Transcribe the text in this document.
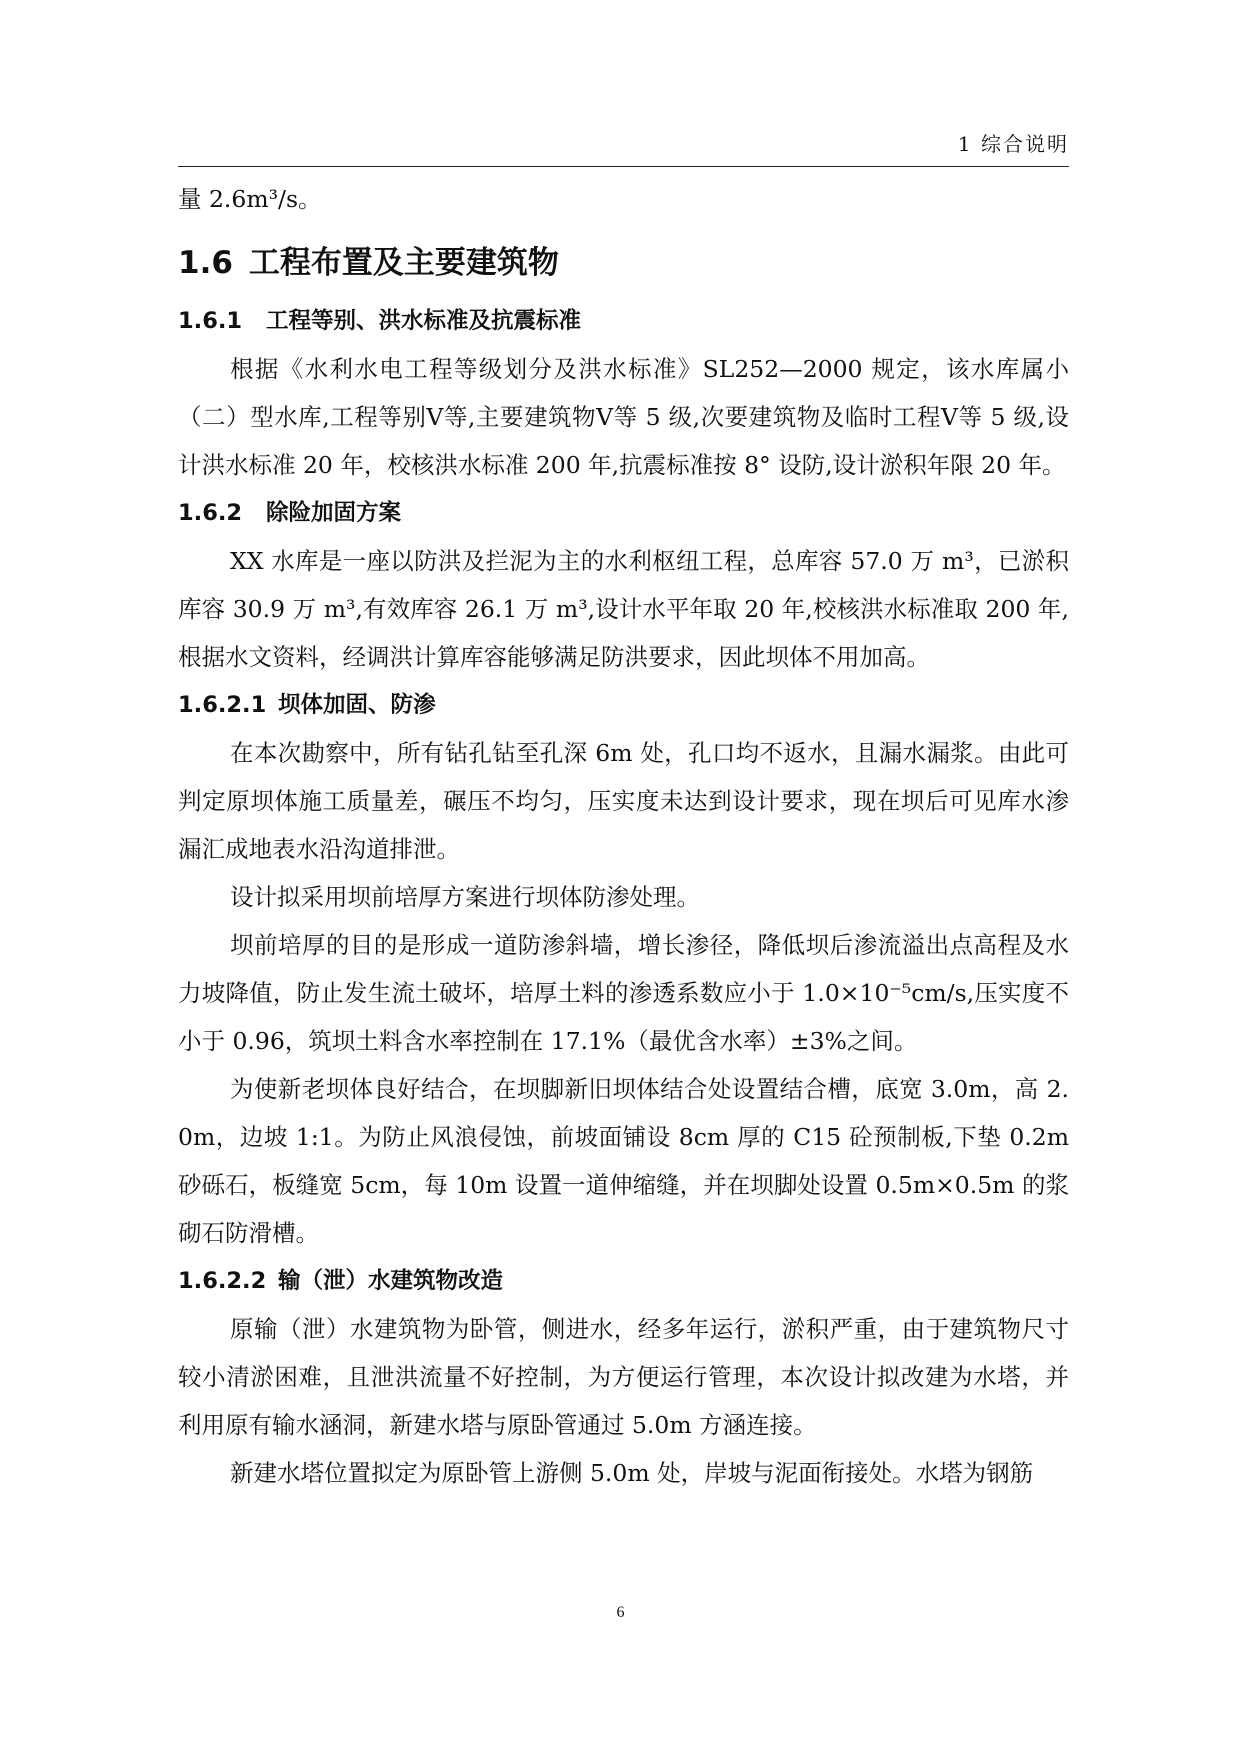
1 综合说明

量 2.6m³/s。

1.6 工程布置及主要建筑物
1.6.1 工程等别、洪水标准及抗震标准

根据《水利水电工程等级划分及洪水标准》SL252—2000 规定，该水库属小（二）型水库,工程等别Ⅴ等,主要建筑物Ⅴ等 5 级,次要建筑物及临时工程Ⅴ等 5 级,设计洪水标准 20 年，校核洪水标准 200 年,抗震标准按 8° 设防,设计淤积年限 20 年。

1.6.2 除险加固方案

XX 水库是一座以防洪及拦泥为主的水利枢纽工程，总库容 57.0 万 m³，已淤积库容 30.9 万 m³,有效库容 26.1 万 m³,设计水平年取 20 年,校核洪水标准取 200 年,根据水文资料，经调洪计算库容能够满足防洪要求，因此坝体不用加高。

1.6.2.1 坝体加固、防渗

在本次勘察中，所有钻孔钻至孔深 6m 处，孔口均不返水，且漏水漏浆。由此可判定原坝体施工质量差，碾压不均匀，压实度未达到设计要求，现在坝后可见库水渗漏汇成地表水沿沟道排泄。

设计拟采用坝前培厚方案进行坝体防渗处理。

坝前培厚的目的是形成一道防渗斜墙，增长渗径，降低坝后渗流溢出点高程及水力坡降值，防止发生流土破坏，培厚土料的渗透系数应小于 1.0×10⁻⁵cm/s,压实度不小于 0.96，筑坝土料含水率控制在 17.1%（最优含水率）±3%之间。

为使新老坝体良好结合，在坝脚新旧坝体结合处设置结合槽，底宽 3.0m，高 2.0m，边坡 1:1。为防止风浪侵蚀，前坡面铺设 8cm 厚的 C15 砼预制板,下垫 0.2m 砂砾石，板缝宽 5cm，每 10m 设置一道伸缩缝，并在坝脚处设置 0.5m×0.5m 的浆砌石防滑槽。

1.6.2.2 输（泄）水建筑物改造

原输（泄）水建筑物为卧管，侧进水，经多年运行，淤积严重，由于建筑物尺寸较小清淤困难，且泄洪流量不好控制，为方便运行管理，本次设计拟改建为水塔，并利用原有输水涵洞，新建水塔与原卧管通过 5.0m 方涵连接。

新建水塔位置拟定为原卧管上游侧 5.0m 处，岸坡与泥面衔接处。水塔为钢筋

6
